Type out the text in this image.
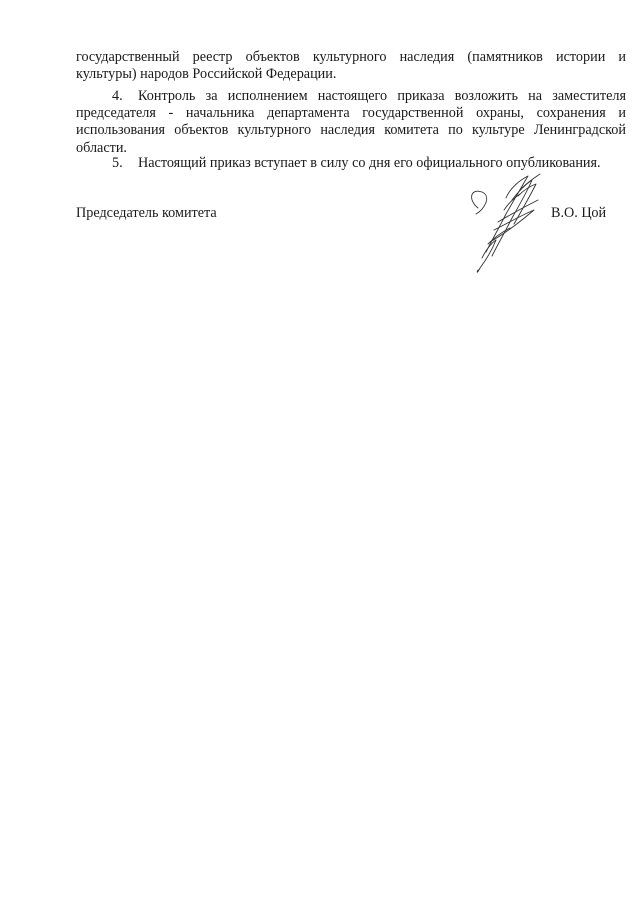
государственный реестр объектов культурного наследия (памятников истории и
культуры) народов Российской Федерации.
4. Контроль за исполнением настоящего приказа возложить на заместителя
председателя - начальника департамента государственной охраны, сохранения и
использования объектов культурного наследия комитета по культуре Ленинградской
области.
5. Настоящий приказ вступает в силу со дня его официального опубликования.
Председатель комитета	В.О. Цой
